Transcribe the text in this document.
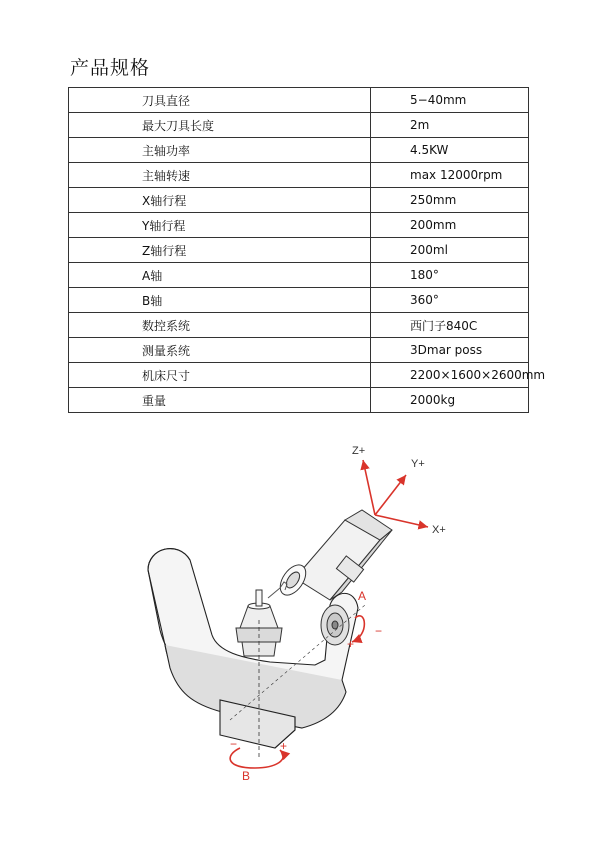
产品规格
刀具直径	5−40mm
最大刀具长度	2m
主轴功率	4.5KW
主轴转速	max 12000rpm
X轴行程	250mm
Y轴行程	200mm
Z轴行程	200ml
A轴	180°
B轴	360°
数控系统	西门子840C
测量系统	3Dmar poss
机床尺寸	2200×1600×2600mm
重量	2000kg
Z+
Y+
X+
A
−
+
B
−	+
